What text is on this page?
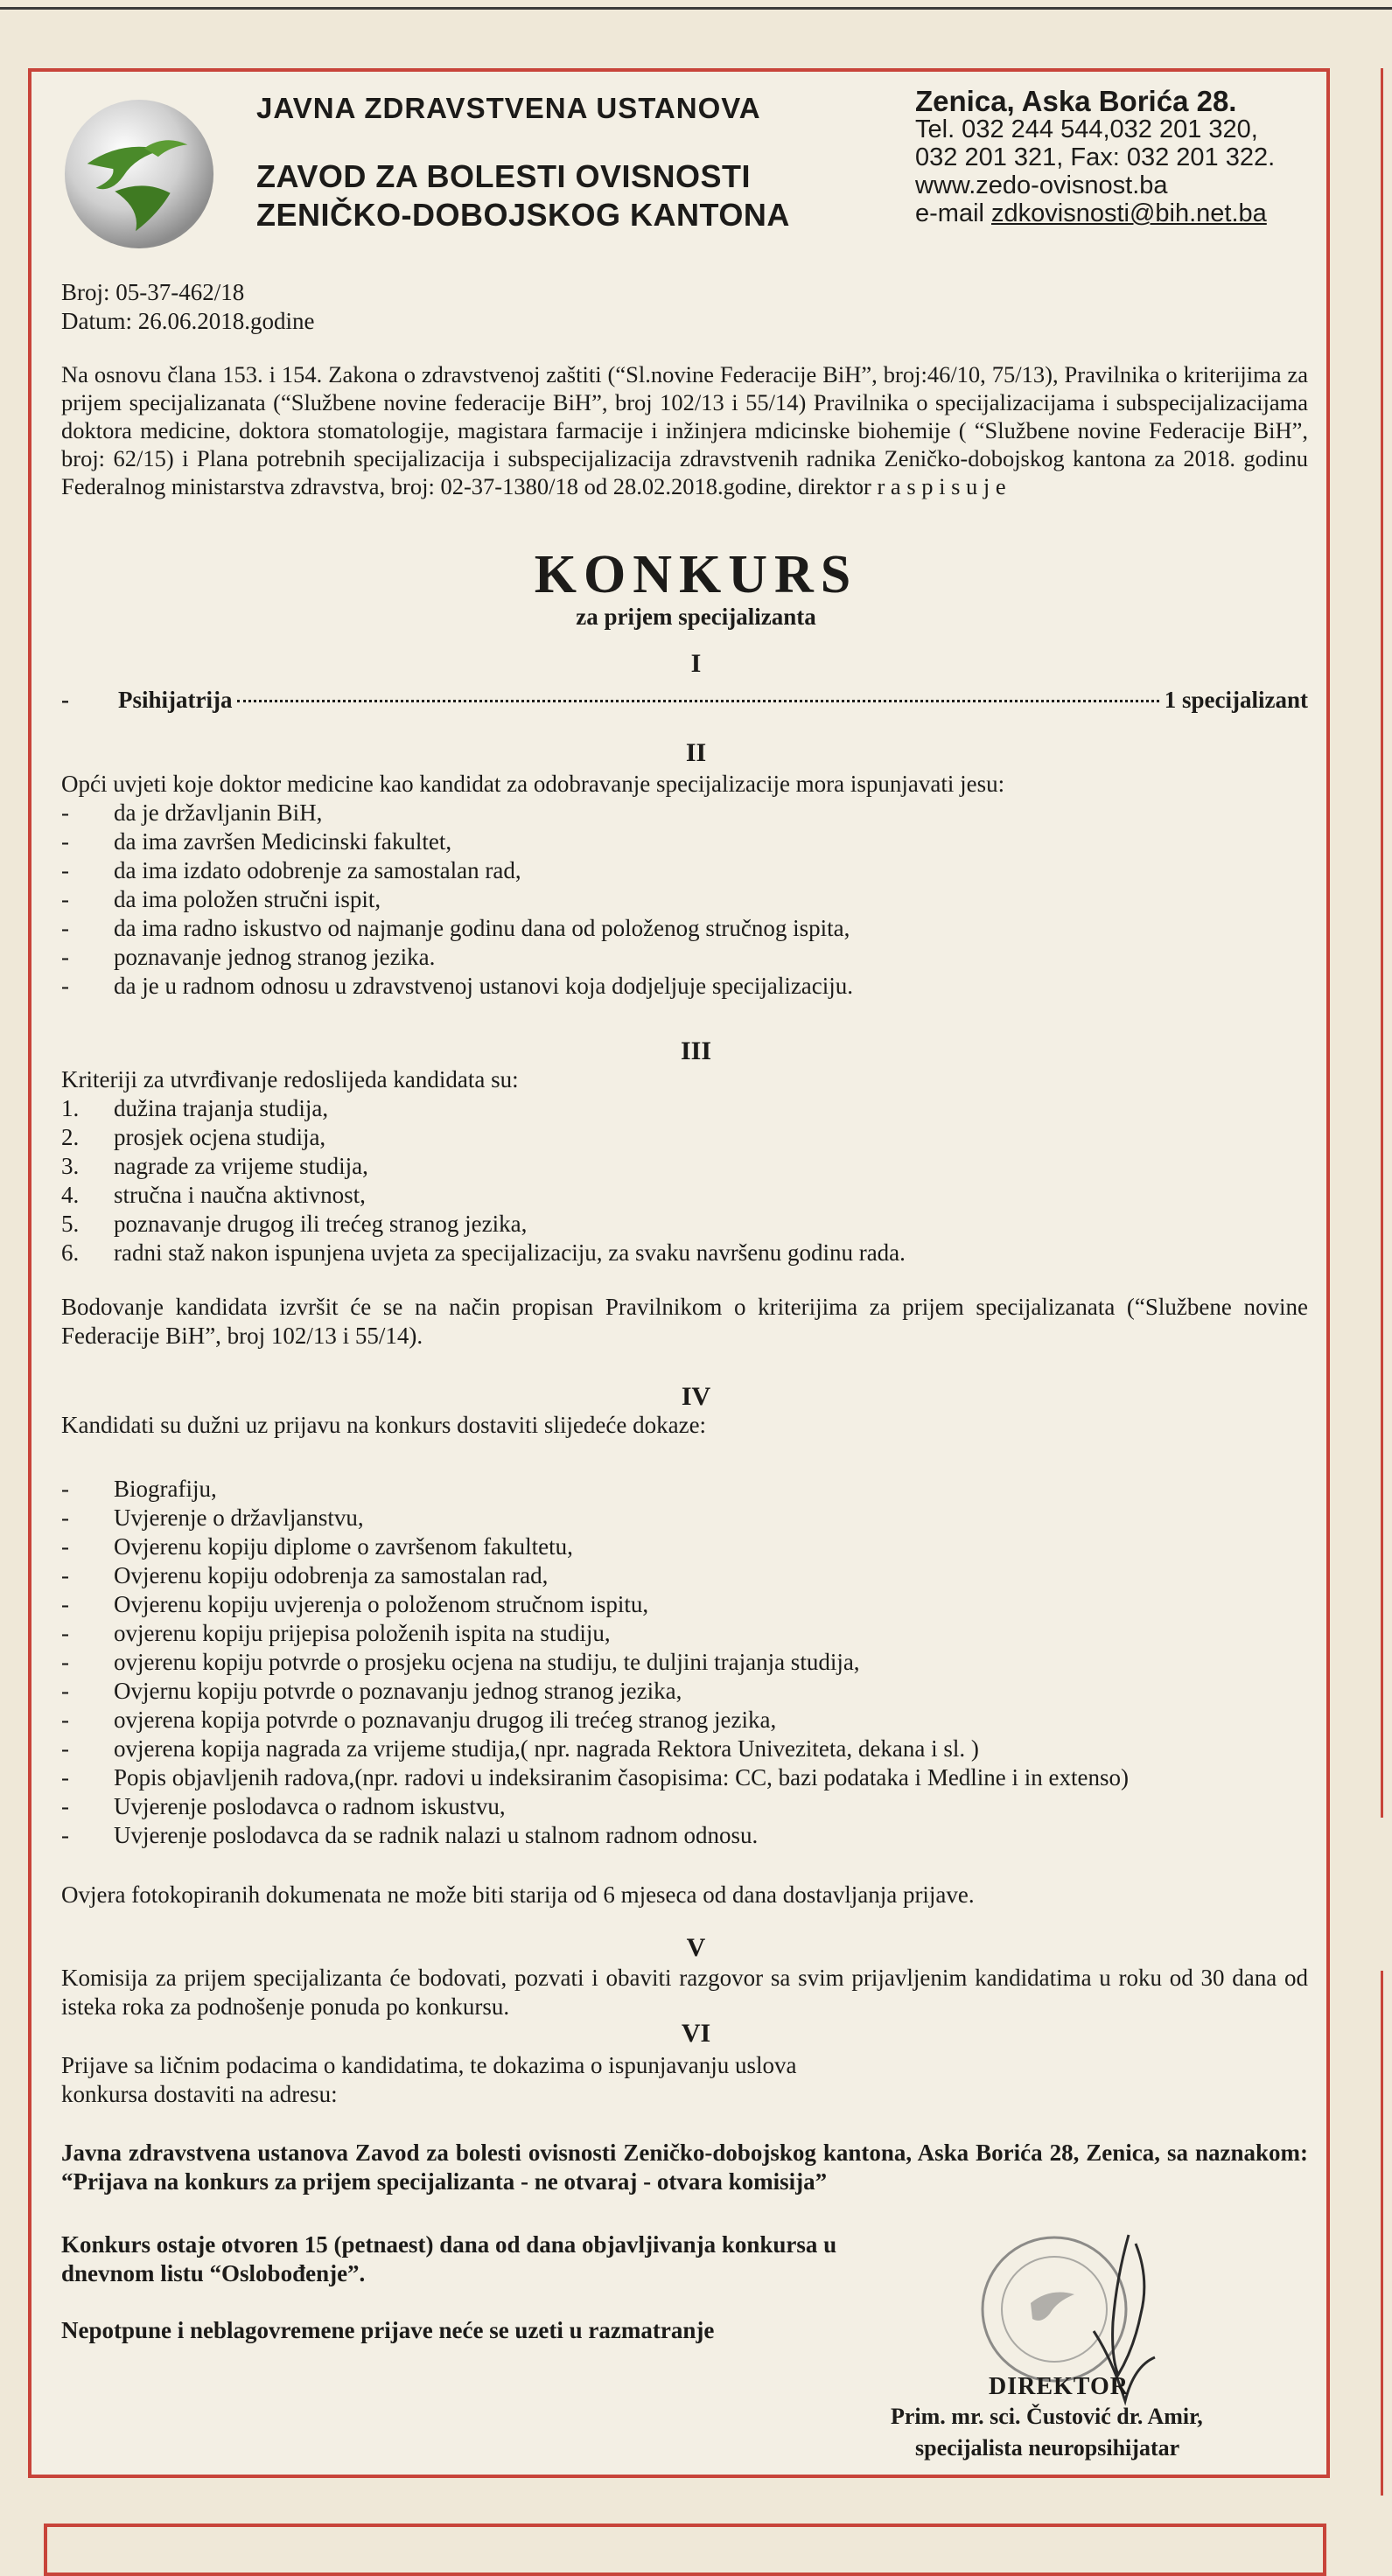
JAVNA ZDRAVSTVENA USTANOVA
ZAVOD ZA BOLESTI OVISNOSTI
ZENIČKO-DOBOJSKOG KANTONA
Zenica, Aska Borića 28.
Tel. 032 244 544,032 201 320,
032 201 321, Fax: 032 201 322.
www.zedo-ovisnost.ba
e-mail zdkovisnosti@bih.net.ba
Broj: 05-37-462/18
Datum: 26.06.2018.godine
Na osnovu člana 153. i 154. Zakona o zdravstvenoj zaštiti (“Sl.novine Federacije BiH”, broj:46/10, 75/13), Pravilnika o kriterijima za prijem specijalizanata (“Službene novine federacije BiH”, broj 102/13 i 55/14) Pravilnika o specijalizacijama i subspecijalizacijama doktora medicine, doktora stomatologije, magistara farmacije i inžinjera mdicinske biohemije ( “Službene novine Federacije BiH”, broj: 62/15) i Plana potrebnih specijalizacija i subspecijalizacija zdravstvenih radnika Zeničko-dobojskog kantona za 2018. godinu Federalnog ministarstva zdravstva, broj: 02-37-1380/18 od 28.02.2018.godine, direktor r a s p i s u j e
KONKURS
za prijem specijalizanta
I
-	Psihijatrija	1 specijalizant
II
Opći uvjeti koje doktor medicine kao kandidat za odobravanje specijalizacije mora ispunjavati jesu:
-	da je državljanin BiH,
-	da ima završen Medicinski fakultet,
-	da ima izdato odobrenje za samostalan rad,
-	da ima položen stručni ispit,
-	da ima radno iskustvo od najmanje godinu dana od položenog stručnog ispita,
-	poznavanje jednog stranog jezika.
-	da je u radnom odnosu u zdravstvenoj ustanovi koja dodjeljuje specijalizaciju.
III
Kriteriji za utvrđivanje redoslijeda kandidata su:
1.	dužina trajanja studija,
2.	prosjek ocjena studija,
3.	nagrade za vrijeme studija,
4.	stručna i naučna aktivnost,
5.	poznavanje drugog ili trećeg stranog jezika,
6.	radni staž nakon ispunjena uvjeta za specijalizaciju, za svaku navršenu godinu rada.
Bodovanje kandidata izvršit će se na način propisan Pravilnikom o kriterijima za prijem specijalizanata (“Službene novine Federacije BiH”, broj 102/13 i 55/14).
IV
Kandidati su dužni uz prijavu na konkurs dostaviti slijedeće dokaze:
-	Biografiju,
-	Uvjerenje o državljanstvu,
-	Ovjerenu kopiju diplome o završenom fakultetu,
-	Ovjerenu kopiju odobrenja za samostalan rad,
-	Ovjerenu kopiju uvjerenja o položenom stručnom ispitu,
-	ovjerenu kopiju prijepisa položenih ispita na studiju,
-	ovjerenu kopiju potvrde o prosjeku ocjena na studiju, te duljini trajanja studija,
-	Ovjernu kopiju potvrde o poznavanju jednog stranog jezika,
-	ovjerena kopija potvrde o poznavanju drugog ili trećeg stranog jezika,
-	ovjerena kopija nagrada za vrijeme studija,( npr. nagrada Rektora Univeziteta, dekana i sl. )
-	Popis objavljenih radova,(npr. radovi u indeksiranim časopisima: CC, bazi podataka i Medline i in extenso)
-	Uvjerenje poslodavca o radnom iskustvu,
-	Uvjerenje poslodavca da se radnik nalazi u stalnom radnom odnosu.
Ovjera fotokopiranih dokumenata ne može biti starija od 6 mjeseca od dana dostavljanja prijave.
V
Komisija za prijem specijalizanta će bodovati, pozvati i obaviti razgovor sa svim prijavljenim kandidatima u roku od 30 dana od isteka roka za podnošenje ponuda po konkursu.
VI
Prijave sa ličnim podacima o kandidatima, te dokazima o ispunjavanju uslova konkursa dostaviti na adresu:
Javna zdravstvena ustanova Zavod za bolesti ovisnosti Zeničko-dobojskog kantona, Aska Borića 28, Zenica, sa naznakom: “Prijava na konkurs za prijem specijalizanta - ne otvaraj - otvara komisija”
Konkurs ostaje otvoren 15 (petnaest) dana od dana objavljivanja konkursa u dnevnom listu “Oslobođenje”.
Nepotpune i neblagovremene prijave neće se uzeti u razmatranje
DIREKTOR
Prim. mr. sci. Čustović dr. Amir,
specijalista neuropsihijatar
